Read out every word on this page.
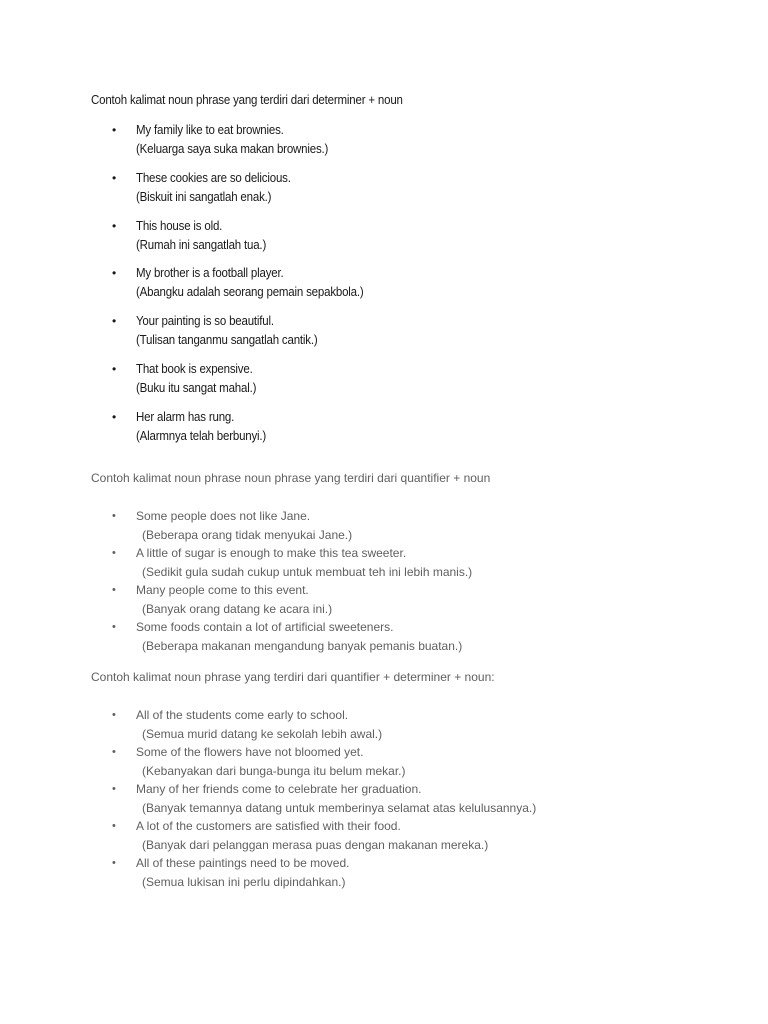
Contoh kalimat noun phrase yang terdiri dari determiner + noun
• My family like to eat brownies.
(Keluarga saya suka makan brownies.)
• These cookies are so delicious.
(Biskuit ini sangatlah enak.)
• This house is old.
(Rumah ini sangatlah tua.)
• My brother is a football player.
(Abangku adalah seorang pemain sepakbola.)
• Your painting is so beautiful.
(Tulisan tanganmu sangatlah cantik.)
• That book is expensive.
(Buku itu sangat mahal.)
• Her alarm has rung.
(Alarmnya telah berbunyi.)
Contoh kalimat noun phrase noun phrase yang terdiri dari quantifier + noun
• Some people does not like Jane.
(Beberapa orang tidak menyukai Jane.)
• A little of sugar is enough to make this tea sweeter.
(Sedikit gula sudah cukup untuk membuat teh ini lebih manis.)
• Many people come to this event.
(Banyak orang datang ke acara ini.)
• Some foods contain a lot of artificial sweeteners.
(Beberapa makanan mengandung banyak pemanis buatan.)
Contoh kalimat noun phrase yang terdiri dari quantifier + determiner + noun:
• All of the students come early to school.
(Semua murid datang ke sekolah lebih awal.)
• Some of the flowers have not bloomed yet.
(Kebanyakan dari bunga-bunga itu belum mekar.)
• Many of her friends come to celebrate her graduation.
(Banyak temannya datang untuk memberinya selamat atas kelulusannya.)
• A lot of the customers are satisfied with their food.
(Banyak dari pelanggan merasa puas dengan makanan mereka.)
• All of these paintings need to be moved.
(Semua lukisan ini perlu dipindahkan.)
